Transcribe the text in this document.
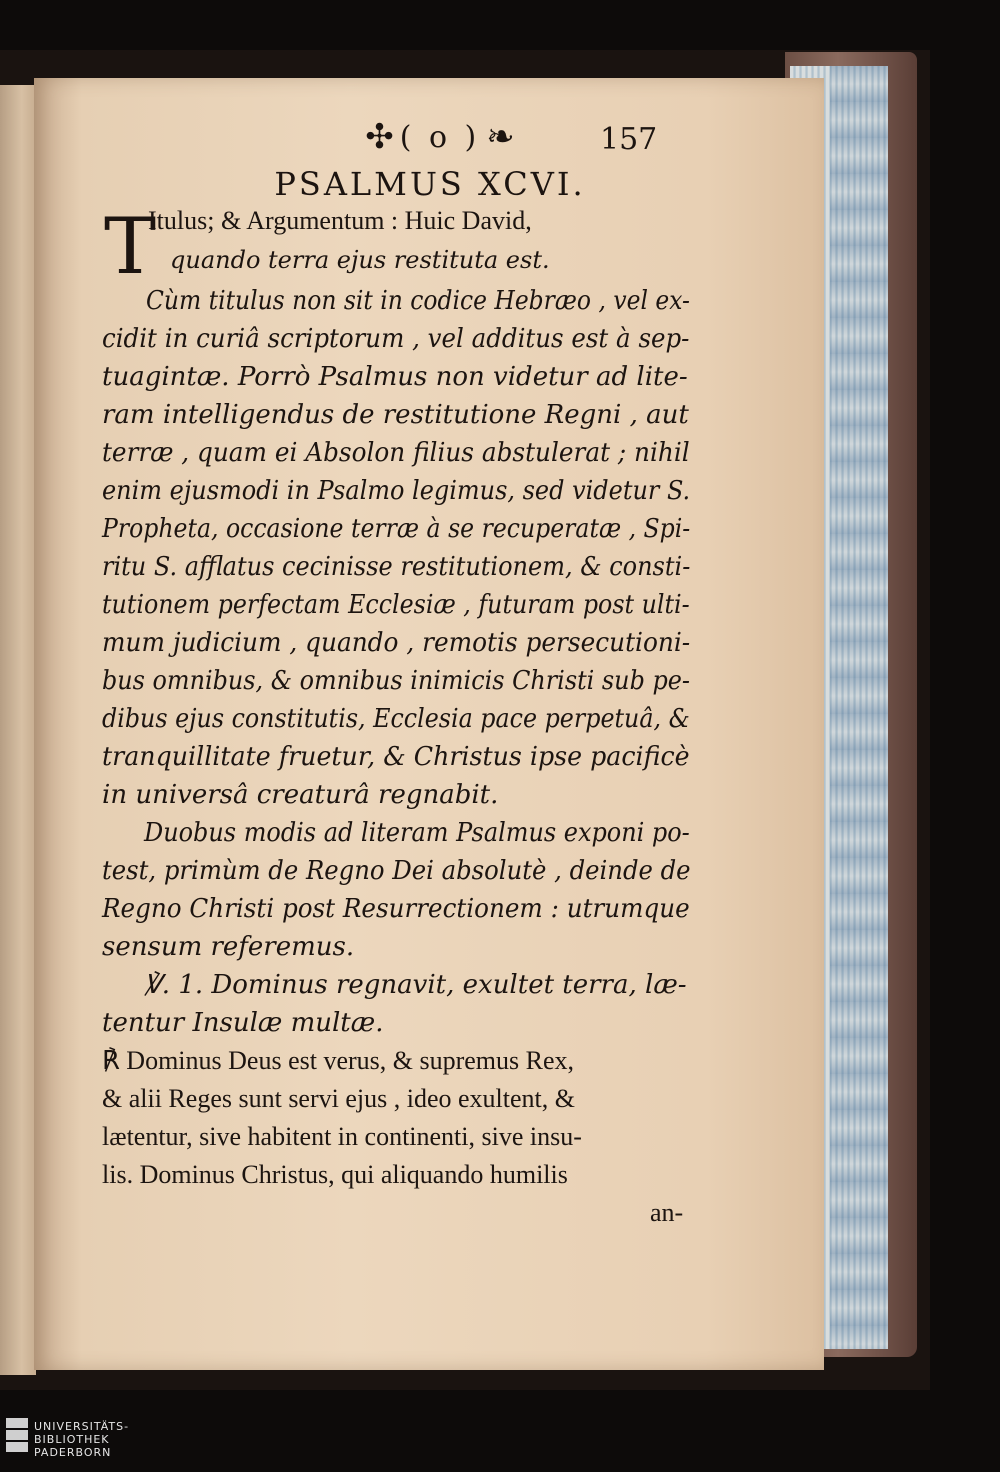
✣ ( o ) ❧	157
PSALMUS XCVI.
T
Itulus; & Argumentum : Huic David,
quando terra ejus restituta est.
Cùm titulus non sit in codice Hebræo , vel ex-
cidit in curiâ scriptorum , vel additus est à sep-
tuagintæ. Porrò Psalmus non videtur ad lite-
ram intelligendus de restitutione Regni , aut
terræ , quam ei Absolon filius abstulerat ; nihil
enim ejusmodi in Psalmo legimus, sed videtur S.
Propheta, occasione terræ à se recuperatæ , Spi-
ritu S. afflatus cecinisse restitutionem, & consti-
tutionem perfectam Ecclesiæ , futuram post ulti-
mum judicium , quando , remotis persecutioni-
bus omnibus, & omnibus inimicis Christi sub pe-
dibus ejus constitutis, Ecclesia pace perpetuâ, &
tranquillitate fruetur, & Christus ipse pacificè
in universâ creaturâ regnabit.
Duobus modis ad literam Psalmus exponi po-
test, primùm de Regno Dei absolutè , deinde de
Regno Christi post Resurrectionem : utrumque
sensum referemus.
℣. 1. Dominus regnavit, exultet terra, læ-
tentur Insulæ multæ.
℟ Dominus Deus est verus, & supremus Rex,
& alii Reges sunt servi ejus , ideo exultent, &
lætentur, sive habitent in continenti, sive insu-
lis. Dominus Christus, qui aliquando humilis
an-
UNIVERSITÄTS-
BIBLIOTHEK
PADERBORN
